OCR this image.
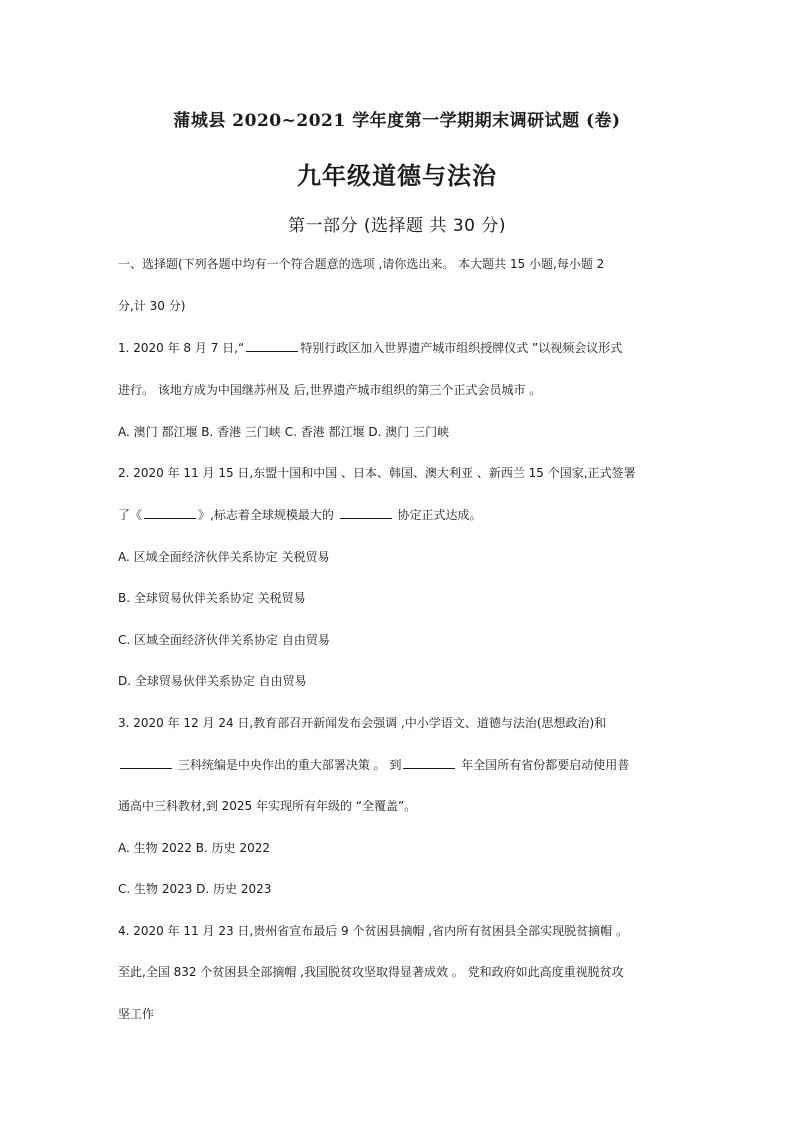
蒲城县 2020~2021 学年度第一学期期末调研试题 (卷)
九年级道德与法治
第一部分 (选择题 共 30 分)
一、选择题(下列各题中均有一个符合题意的选项 ,请你选出来。 本大题共 15 小题,每小题 2
分,计 30 分)
1. 2020 年 8 月 7 日,“	特别行政区加入世界遗产城市组织授牌仪式 ”以视频会议形式
进行。 该地方成为中国继苏州及 后,世界遗产城市组织的第三个正式会员城市 。
A. 澳门 都江堰 B. 香港 三门峡 C. 香港 都江堰 D. 澳门 三门峡
2. 2020 年 11 月 15 日,东盟十国和中国 、日本、韩国、澳大利亚 、新西兰 15 个国家,正式签署
了《	》,标志着全球规模最大的	协定正式达成。
A. 区域全面经济伙伴关系协定 关税贸易
B. 全球贸易伙伴关系协定 关税贸易
C. 区域全面经济伙伴关系协定 自由贸易
D. 全球贸易伙伴关系协定 自由贸易
3. 2020 年 12 月 24 日,教育部召开新闻发布会强调 ,中小学语文、道德与法治(思想政治)和
三科统编是中央作出的重大部署决策 。 到	年全国所有省份都要启动使用普
通高中三科教材,到 2025 年实现所有年级的 “全覆盖”。
A. 生物 2022 B. 历史 2022
C. 生物 2023 D. 历史 2023
4. 2020 年 11 月 23 日,贵州省宣布最后 9 个贫困县摘帽 ,省内所有贫困县全部实现脱贫摘帽 。
至此,全国 832 个贫困县全部摘帽 ,我国脱贫攻坚取得显著成效 。 党和政府如此高度重视脱贫攻
坚工作
